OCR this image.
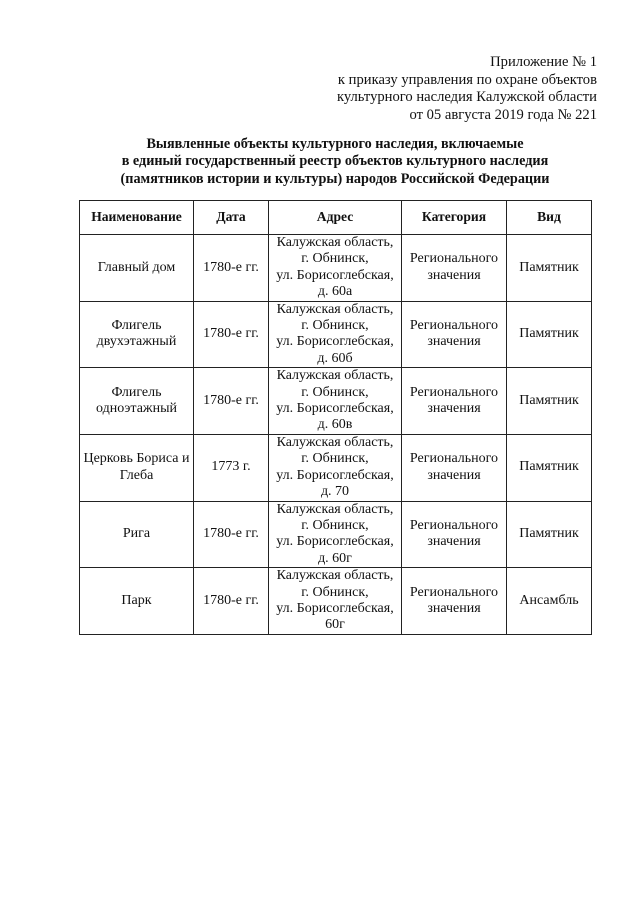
Приложение № 1
к приказу управления по охране объектов
культурного наследия Калужской области
от 05 августа 2019 года № 221
Выявленные объекты культурного наследия, включаемые
в единый государственный реестр объектов культурного наследия
(памятников истории и культуры) народов Российской Федерации
Наименование	Дата	Адрес	Категория	Вид
Главный дом	1780-е гг.	Калужская область,
г. Обнинск,
ул. Борисоглебская,
д. 60а	Регионального значения	Памятник
Флигель двухэтажный	1780-е гг.	Калужская область,
г. Обнинск,
ул. Борисоглебская,
д. 60б	Регионального значения	Памятник
Флигель одноэтажный	1780-е гг.	Калужская область,
г. Обнинск,
ул. Борисоглебская,
д. 60в	Регионального значения	Памятник
Церковь Бориса и Глеба	1773 г.	Калужская область,
г. Обнинск,
ул. Борисоглебская,
д. 70	Регионального значения	Памятник
Рига	1780-е гг.	Калужская область,
г. Обнинск,
ул. Борисоглебская,
д. 60г	Регионального значения	Памятник
Парк	1780-е гг.	Калужская область,
г. Обнинск,
ул. Борисоглебская,
60г	Регионального значения	Ансамбль
